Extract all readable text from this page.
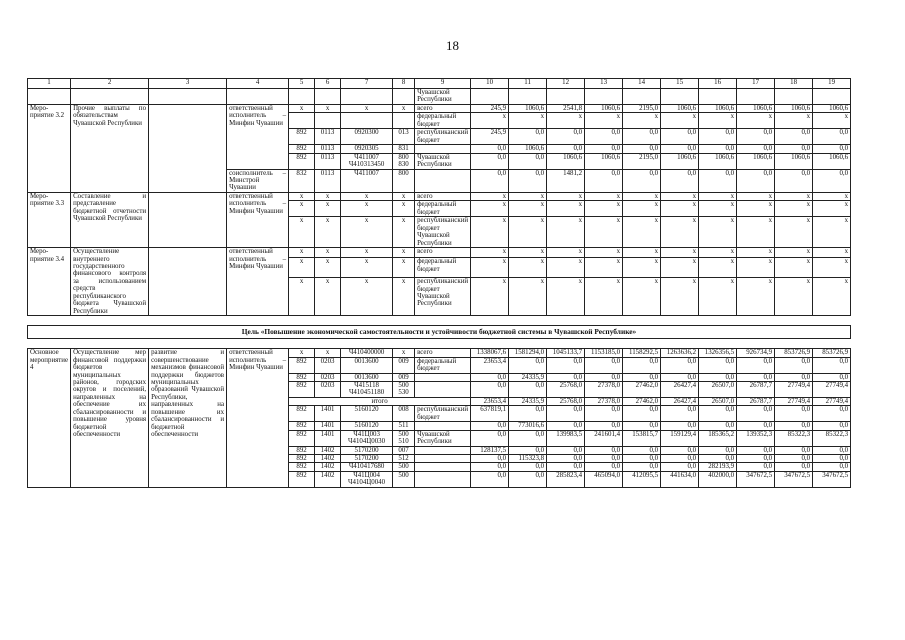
18
1	2	3	4	5	6	7	8	9	10	11	12	13	14	15	16	17	18	19
								Чувашской Республики										
Меро-приятие 3.2	Прочие выплаты по обязательствам Чувашской Республики		ответственный исполнитель – Минфин Чувашии	x	x	x	x	всего	245,9	1060,6	2541,8	1060,6	2195,0	1060,6	1060,6	1060,6	1060,6	1060,6
								федеральный бюджет	x	x	x	x	x	x	x	x	x	x
				892	0113	0920300	013	республиканский бюджет	245,9	0,0	0,0	0,0	0,0	0,0	0,0	0,0	0,0	0,0
				892	0113	0920305	831		0,0	1060,6	0,0	0,0	0,0	0,0	0,0	0,0	0,0	0,0
				892	0113	Ч411007 Ч410313450	800 830	Чувашской Республики	0,0	0,0	1060,6	1060,6	2195,0	1060,6	1060,6	1060,6	1060,6	1060,6
			соисполнитель – Минстрой Чувашии	832	0113	Ч411007	800		0,0	0,0	1481,2	0,0	0,0	0,0	0,0	0,0	0,0	0,0
Меро-приятие 3.3	Составление и представление бюджетной отчетности Чувашской Республики		ответственный исполнитель – Минфин Чувашии	x	x	x	x	всего	x	x	x	x	x	x	x	x	x	x
				x	x	x	x	федеральный бюджет	x	x	x	x	x	x	x	x	x	x
				x	x	x	x	республиканский бюджет Чувашской Республики	x	x	x	x	x	x	x	x	x	x
Меро-приятие 3.4	Осуществление внутреннего государственного финансового контроля за использованием средств республиканского бюджета Чувашской Республики		ответственный исполнитель – Минфин Чувашии	x	x	x	x	всего	x	x	x	x	x	x	x	x	x	x
				x	x	x	x	федеральный бюджет	x	x	x	x	x	x	x	x	x	x
				x	x	x	x	республиканский бюджет Чувашской Республики	x	x	x	x	x	x	x	x	x	x

Цель «Повышение экономической самостоятельности и устойчивости бюджетной системы в Чувашской Республике»																		

Основное мероприятие 4	Осуществление мер финансовой поддержки бюджетов муниципальных районов, городских округов и поселений, направленных на обеспечение их сбалансированности и повышение уровня бюджетной обеспеченности	развитие и совершенствование механизмов финансовой поддержки бюджетов муниципальных образований Чувашской Республики, направленных на повышение их сбалансированности и бюджетной обеспеченности	ответственный исполнитель – Минфин Чувашии	x	x	Ч410400000	x	всего	1338067,6	1581294,0	1045133,7	1153185,0	1158292,5	1263636,2	1326356,5	926734,9	853726,9	853726,9
				892	0203	0013600	009	федеральный бюджет	23653,4	0,0	0,0	0,0	0,0	0,0	0,0	0,0	0,0	0,0
				892	0203	0013600	009		0,0	24335,9	0,0	0,0	0,0	0,0	0,0	0,0	0,0	0,0
				892	0203	Ч415118 Ч410451180	500 530		0,0	0,0	25768,0	27378,0	27462,0	26427,4	26507,0	26787,7	27749,4	27749,4
				итого					23653,4	24335,9	25768,0	27378,0	27462,0	26427,4	26507,0	26787,7	27749,4	27749,4
				892	1401	5160120	008	республиканский бюджет	637819,1	0,0	0,0	0,0	0,0	0,0	0,0	0,0	0,0	0,0
				892	1401	5160120	511		0,0	773016,6	0,0	0,0	0,0	0,0	0,0	0,0	0,0	0,0
				892	1401	Ч41Ц003 Ч4104Ц0030	500 510	Чувашской Республики	0,0	0,0	139983,5	241601,4	153815,7	159129,4	185365,2	139352,3	85322,3	85322,3
				892	1402	5170200	007		128137,5	0,0	0,0	0,0	0,0	0,0	0,0	0,0	0,0	0,0
				892	1402	5170200	512		0,0	115323,8	0,0	0,0	0,0	0,0	0,0	0,0	0,0	0,0
				892	1402	Ч410417680	500		0,0	0,0	0,0	0,0	0,0	0,0	282193,9	0,0	0,0	0,0
				892	1402	Ч41Ц004 Ч4104Ц0040	500		0,0	0,0	285823,4	465094,0	412095,5	441634,0	402000,0	347672,5	347672,5	347672,5
